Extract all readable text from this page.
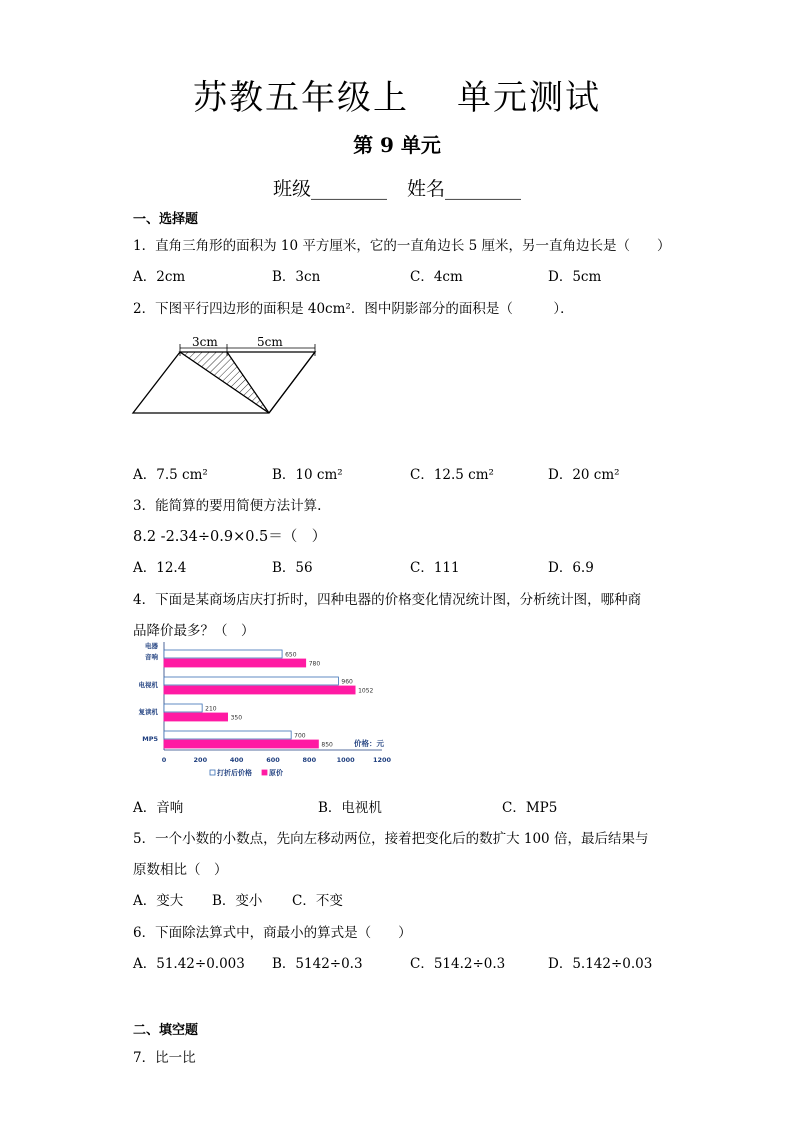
苏教五年级上 单元测试
第 9 单元
班级________ 姓名________
一、选择题
1．直角三角形的面积为 10 平方厘米，它的一直角边长 5 厘米，另一直角边长是（　　）
A．2cm	B．3cn	C．4cm	D．5cm
2．下图平行四边形的面积是 40cm²．图中阴影部分的面积是（　　　）．
3cm	5cm
A．7.5 cm²	B．10 cm²	C．12.5 cm²	D．20 cm²
3．能简算的要用简便方法计算.
8.2 -2.34÷0.9×0.5＝（　）
A．12.4	B．56	C．111	D．6.9
4．下面是某商场店庆打折时，四种电器的价格变化情况统计图，分析统计图，哪种商
品降价最多？（　）
0	200	400	600	800	1000	1200
650
780
960
1052
210
350
700
850
电器
音响
电视机
复读机
MP5	价格：元
打折后价格 原价
A．音响	B．电视机	C．MP5
5．一个小数的小数点，先向左移动两位，接着把变化后的数扩大 100 倍，最后结果与
原数相比（　）
A．变大 B．变小 C．不变
6．下面除法算式中，商最小的算式是（　　）
A．51.42÷0.003 B．5142÷0.3	C．514.2÷0.3	D．5.142÷0.03
二、填空题
7．比一比
